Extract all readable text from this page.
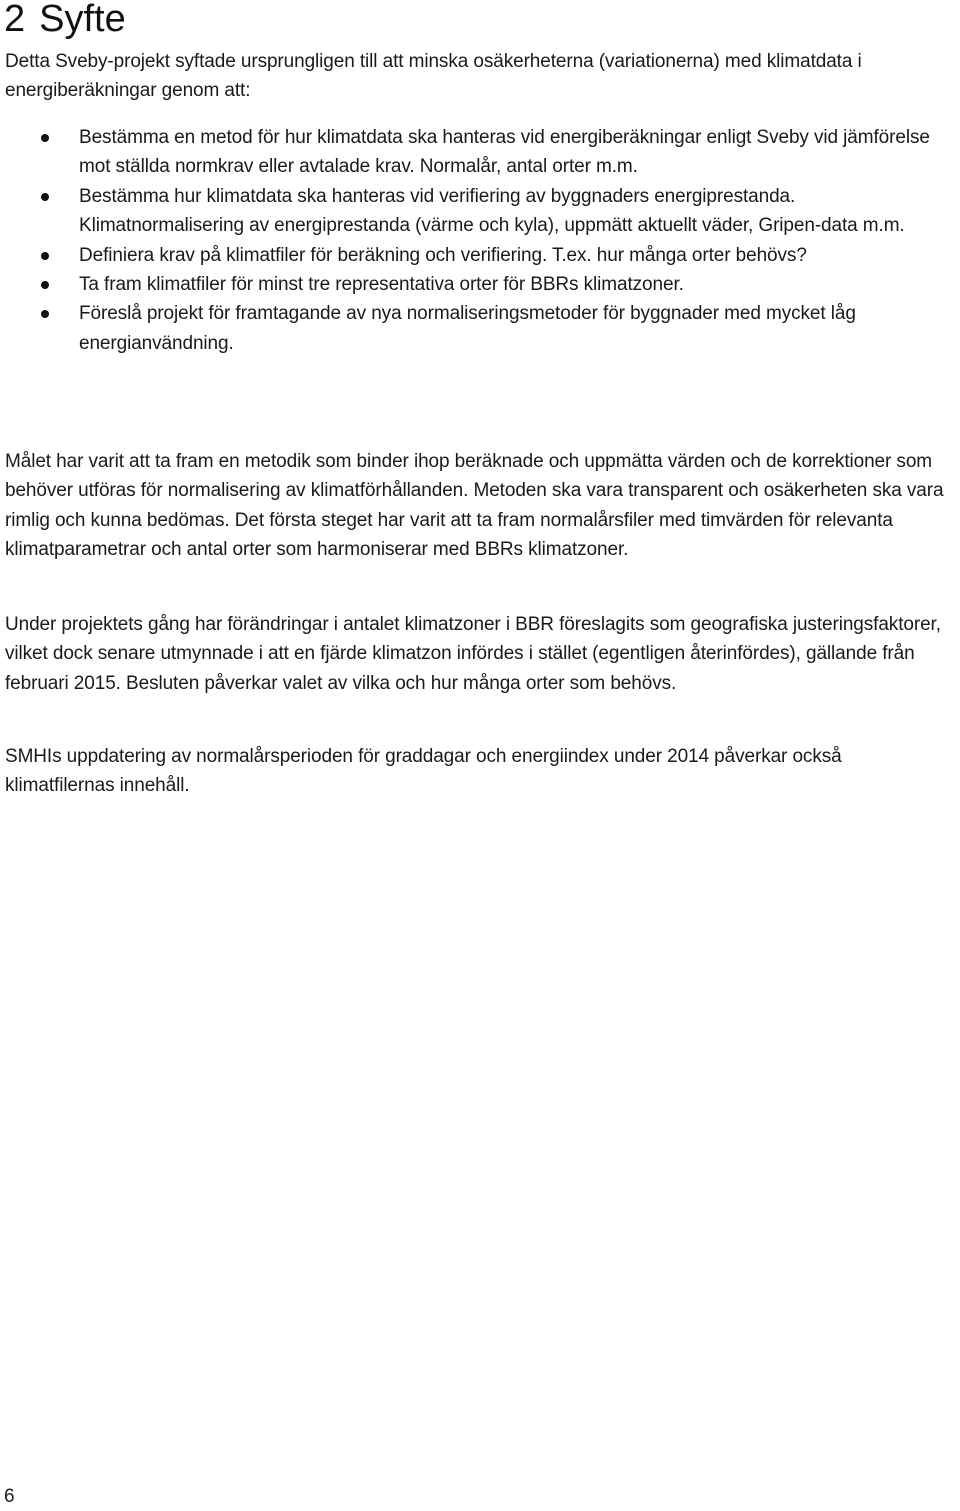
2 Syfte

Detta Sveby-projekt syftade ursprungligen till att minska osäkerheterna (variationerna) med klimatdata i energiberäkningar genom att:

Bestämma en metod för hur klimatdata ska hanteras vid energiberäkningar enligt Sveby vid jämförelse mot ställda normkrav eller avtalade krav. Normalår, antal orter m.m.
Bestämma hur klimatdata ska hanteras vid verifiering av byggnaders energiprestanda. Klimatnormalisering av energiprestanda (värme och kyla), uppmätt aktuellt väder, Gripen-data m.m.
Definiera krav på klimatfiler för beräkning och verifiering. T.ex. hur många orter behövs?
Ta fram klimatfiler för minst tre representativa orter för BBRs klimatzoner.
Föreslå projekt för framtagande av nya normaliseringsmetoder för byggnader med mycket låg energianvändning.

Målet har varit att ta fram en metodik som binder ihop beräknade och uppmätta värden och de korrektioner som behöver utföras för normalisering av klimatförhållanden. Metoden ska vara transparent och osäkerheten ska vara rimlig och kunna bedömas. Det första steget har varit att ta fram normalårsfiler med timvärden för relevanta klimatparametrar och antal orter som harmoniserar med BBRs klimatzoner.

Under projektets gång har förändringar i antalet klimatzoner i BBR föreslagits som geografiska justeringsfaktorer, vilket dock senare utmynnade i att en fjärde klimatzon infördes i stället (egentligen återinfördes), gällande från februari 2015. Besluten påverkar valet av vilka och hur många orter som behövs.

SMHIs uppdatering av normalårsperioden för graddagar och energiindex under 2014 påverkar också klimatfilernas innehåll.

6
